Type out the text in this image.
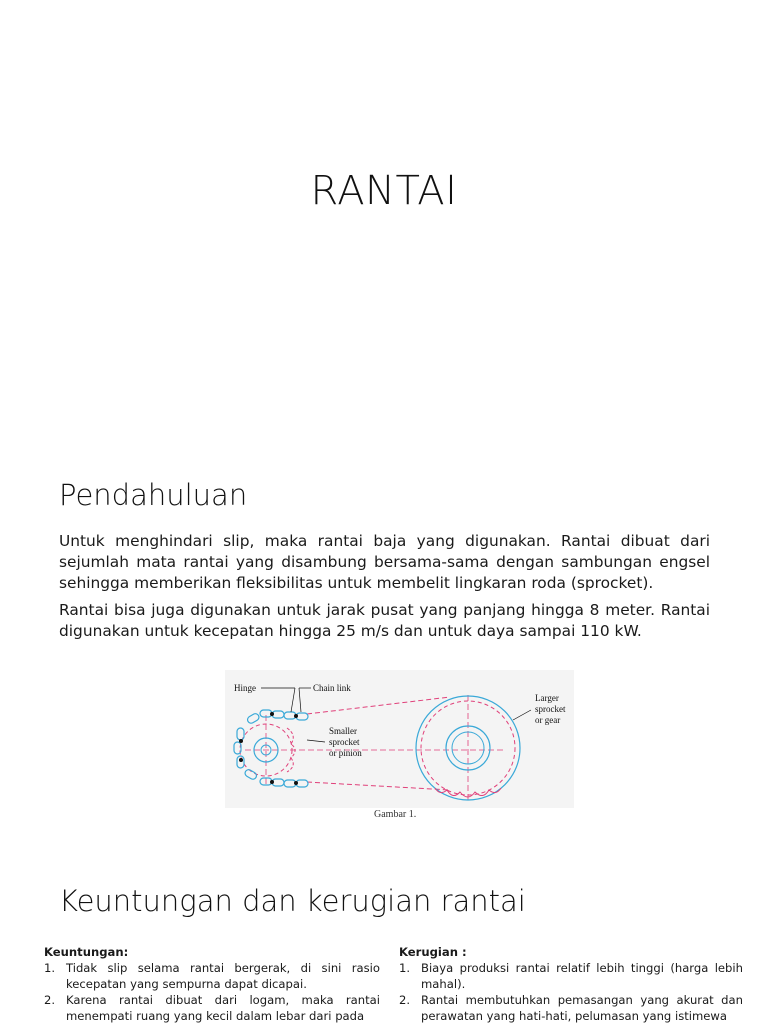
RANTAI
Pendahuluan

Untuk menghindari slip, maka rantai baja yang digunakan. Rantai dibuat dari sejumlah mata rantai yang disambung bersama-sama dengan sambungan engsel sehingga memberikan fleksibilitas untuk membelit lingkaran roda (sprocket).

Rantai bisa juga digunakan untuk jarak pusat yang panjang hingga 8 meter. Rantai digunakan untuk kecepatan hingga 25 m/s dan untuk daya sampai 110 kW.

Hinge	Chain link
Smaller
sprocket
or pinion
Larger
sprocket
or gear
Gambar 1.
Keuntungan dan kerugian rantai
Keuntungan:
1. Tidak slip selama rantai bergerak, di sini rasio kecepatan yang sempurna dapat dicapai.
2. Karena rantai dibuat dari logam, maka rantai menempati ruang yang kecil dalam lebar dari pada
Kerugian :
1. Biaya produksi rantai relatif lebih tinggi (harga lebih mahal).
2. Rantai membutuhkan pemasangan yang akurat dan perawatan yang hati-hati, pelumasan yang istimewa
